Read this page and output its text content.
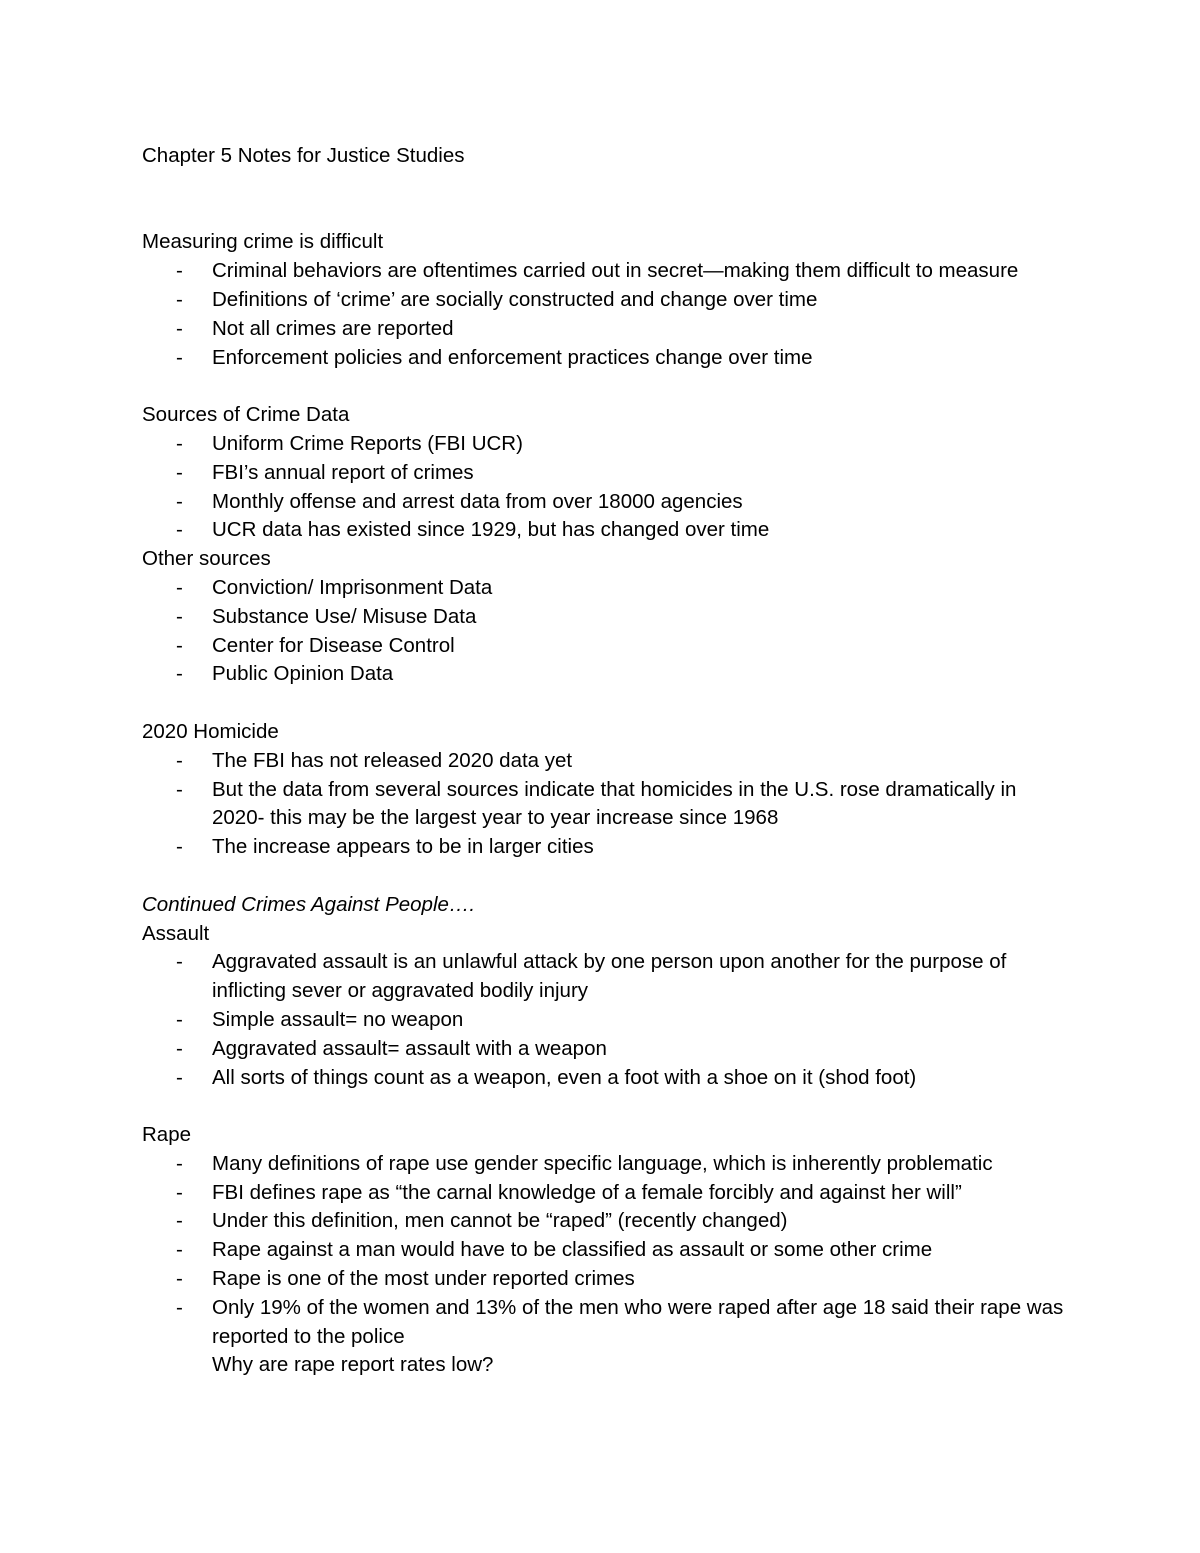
Chapter 5 Notes for Justice Studies

Measuring crime is difficult

- Criminal behaviors are oftentimes carried out in secret—making them difficult to measure
- Definitions of ‘crime’ are socially constructed and change over time
- Not all crimes are reported
- Enforcement policies and enforcement practices change over time

Sources of Crime Data

- Uniform Crime Reports (FBI UCR)
- FBI’s annual report of crimes
- Monthly offense and arrest data from over 18000 agencies
- UCR data has existed since 1929, but has changed over time

Other sources

- Conviction/ Imprisonment Data
- Substance Use/ Misuse Data
- Center for Disease Control
- Public Opinion Data

2020 Homicide

- The FBI has not released 2020 data yet
- But the data from several sources indicate that homicides in the U.S. rose dramatically in 2020- this may be the largest year to year increase since 1968
- The increase appears to be in larger cities

Continued Crimes Against People….

Assault

- Aggravated assault is an unlawful attack by one person upon another for the purpose of inflicting sever or aggravated bodily injury
- Simple assault= no weapon
- Aggravated assault= assault with a weapon
- All sorts of things count as a weapon, even a foot with a shoe on it (shod foot)

Rape

- Many definitions of rape use gender specific language, which is inherently problematic
- FBI defines rape as “the carnal knowledge of a female forcibly and against her will”
- Under this definition, men cannot be “raped” (recently changed)
- Rape against a man would have to be classified as assault or some other crime
- Rape is one of the most under reported crimes
- Only 19% of the women and 13% of the men who were raped after age 18 said their rape was reported to the police

Why are rape report rates low?
